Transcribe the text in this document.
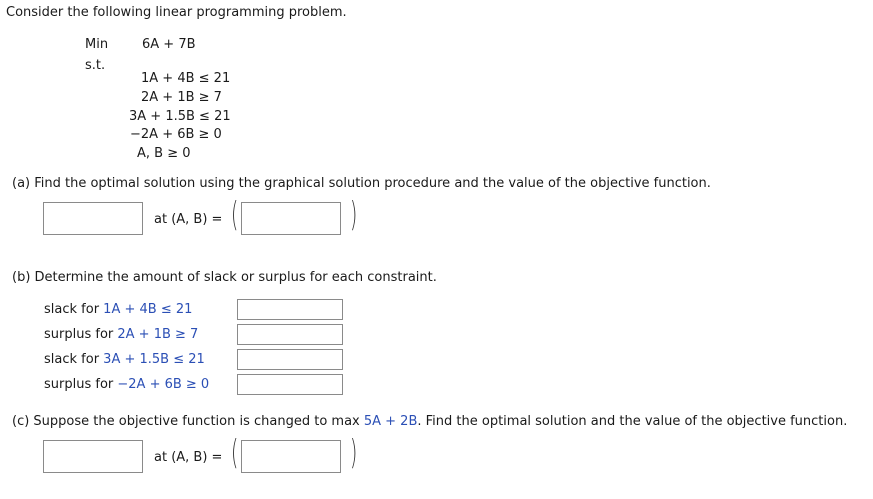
Consider the following linear programming problem.
Min	6A + 7B
s.t.
1A + 4B ≤ 21
2A + 1B ≥ 7
3A + 1.5B ≤ 21
−2A + 6B ≥ 0
A, B ≥ 0
(a) Find the optimal solution using the graphical solution procedure and the value of the objective function.
at (A, B) = (	)
(b) Determine the amount of slack or surplus for each constraint.
slack for 1A + 4B ≤ 21
surplus for 2A + 1B ≥ 7
slack for 3A + 1.5B ≤ 21
surplus for −2A + 6B ≥ 0
(c) Suppose the objective function is changed to max 5A + 2B. Find the optimal solution and the value of the objective function.
at (A, B) = (	)
